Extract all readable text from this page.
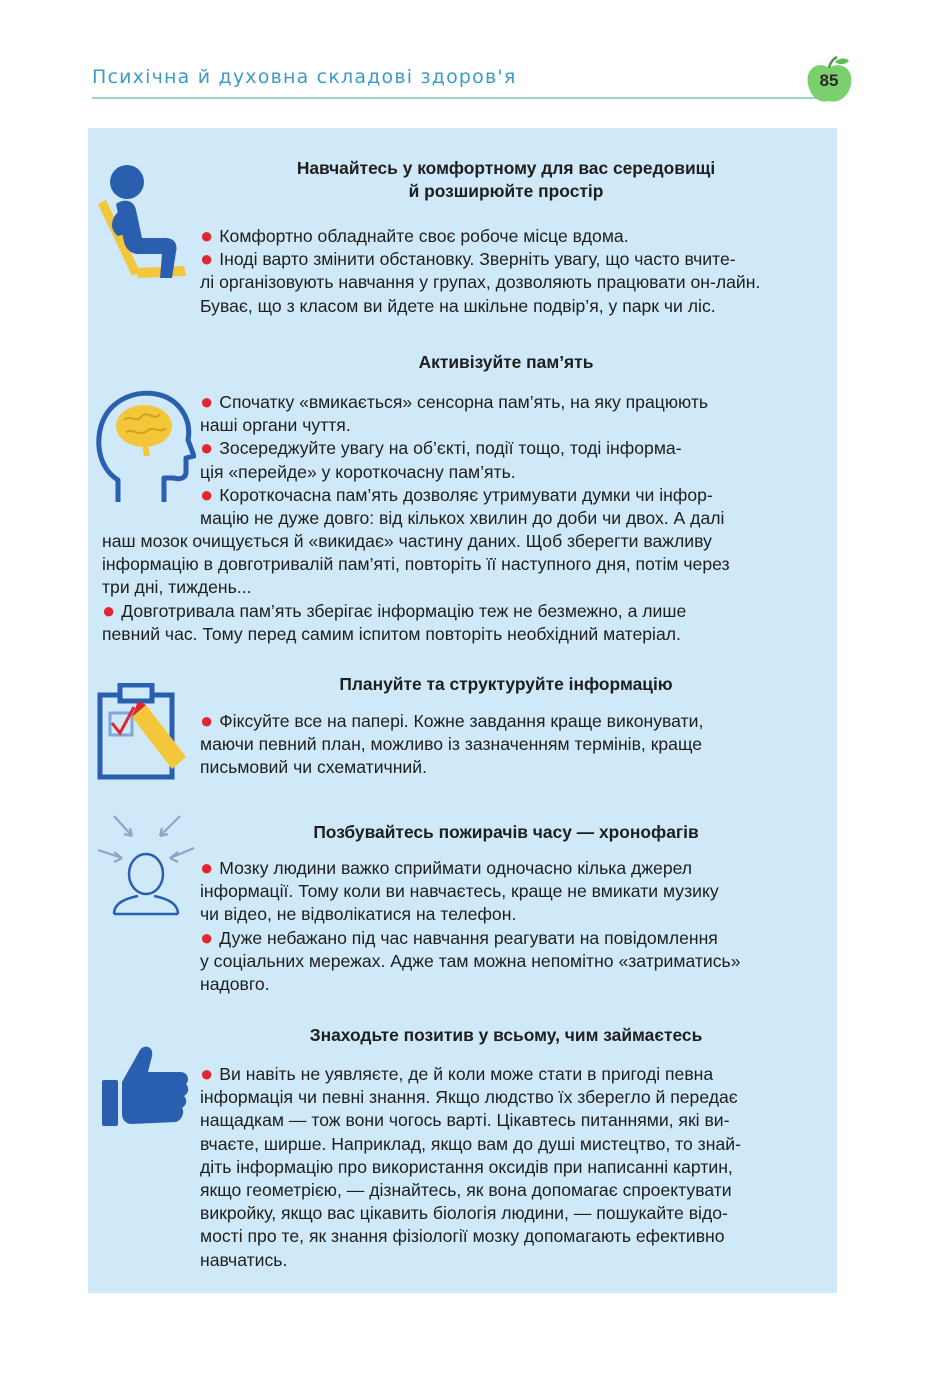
Психічна й духовна складові здоров'я	85
Навчайтесь у комфортному для вас середовищі
й розширюйте простір
● Комфортно обладнайте своє робоче місце вдома.
● Іноді варто змінити обстановку. Зверніть увагу, що часто вчите-
лі організовують навчання у групах, дозволяють працювати он-лайн.
Буває, що з класом ви йдете на шкільне подвір’я, у парк чи ліс.
Активізуйте пам’ять
● Спочатку «вмикається» сенсорна пам’ять, на яку працюють
наші органи чуття.
● Зосереджуйте увагу на об’єкті, події тощо, тоді інформа-
ція «перейде» у короткочасну пам’ять.
● Короткочасна пам’ять дозволяє утримувати думки чи інфор-
мацію не дуже довго: від кількох хвилин до доби чи двох. А далі
наш мозок очищується й «викидає» частину даних. Щоб зберегти важливу
інформацію в довготривалій пам’яті, повторіть її наступного дня, потім через
три дні, тиждень...
● Довготривала пам’ять зберігає інформацію теж не безмежно, а лише
певний час. Тому перед самим іспитом повторіть необхідний матеріал.
Плануйте та структуруйте інформацію
● Фіксуйте все на папері. Кожне завдання краще виконувати,
маючи певний план, можливо із зазначенням термінів, краще
письмовий чи схематичний.
Позбувайтесь пожирачів часу — хронофагів
● Мозку людини важко сприймати одночасно кілька джерел
інформації. Тому коли ви навчаєтесь, краще не вмикати музику
чи відео, не відволікатися на телефон.
● Дуже небажано під час навчання реагувати на повідомлення
у соціальних мережах. Адже там можна непомітно «затриматись»
надовго.
Знаходьте позитив у всьому, чим займаєтесь
● Ви навіть не уявляєте, де й коли може стати в пригоді певна
інформація чи певні знання. Якщо людство їх зберегло й передає
нащадкам — тож вони чогось варті. Цікавтесь питаннями, які ви-
вчаєте, ширше. Наприклад, якщо вам до душі мистецтво, то знай-
діть інформацію про використання оксидів при написанні картин,
якщо геометрією, — дізнайтесь, як вона допомагає спроектувати
викройку, якщо вас цікавить біологія людини, — пошукайте відо-
мості про те, як знання фізіології мозку допомагають ефективно
навчатись.
